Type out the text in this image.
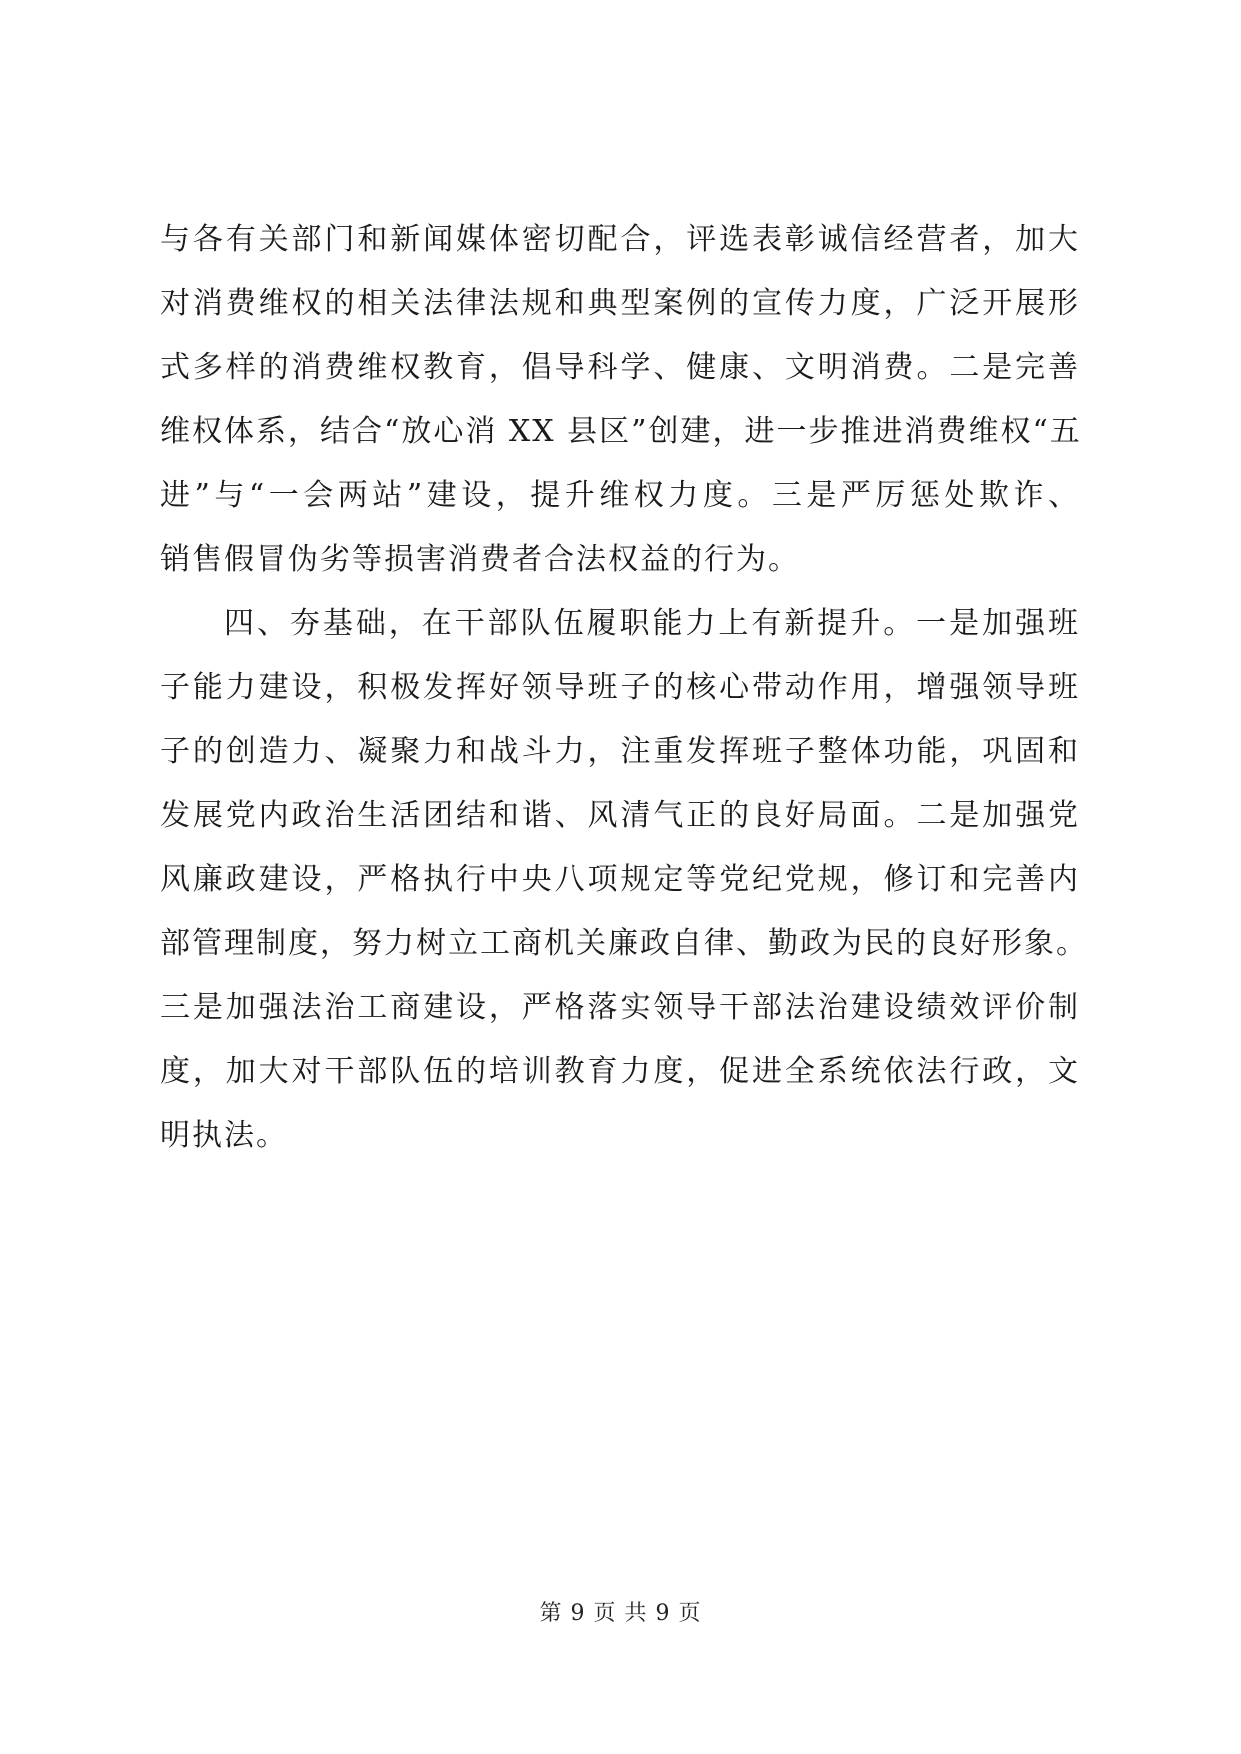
与各有关部门和新闻媒体密切配合，评选表彰诚信经营者，加大
对消费维权的相关法律法规和典型案例的宣传力度，广泛开展形
式多样的消费维权教育，倡导科学、健康、文明消费。二是完善
维权体系，结合“放心消 XX 县区”创建，进一步推进消费维权“五
进”与“一会两站”建设，提升维权力度。三是严厉惩处欺诈、
销售假冒伪劣等损害消费者合法权益的行为。
四、夯基础，在干部队伍履职能力上有新提升。一是加强班
子能力建设，积极发挥好领导班子的核心带动作用，增强领导班
子的创造力、凝聚力和战斗力，注重发挥班子整体功能，巩固和
发展党内政治生活团结和谐、风清气正的良好局面。二是加强党
风廉政建设，严格执行中央八项规定等党纪党规，修订和完善内
部管理制度，努力树立工商机关廉政自律、勤政为民的良好形象。
三是加强法治工商建设，严格落实领导干部法治建设绩效评价制
度，加大对干部队伍的培训教育力度，促进全系统依法行政，文
明执法。
第 9 页 共 9 页
